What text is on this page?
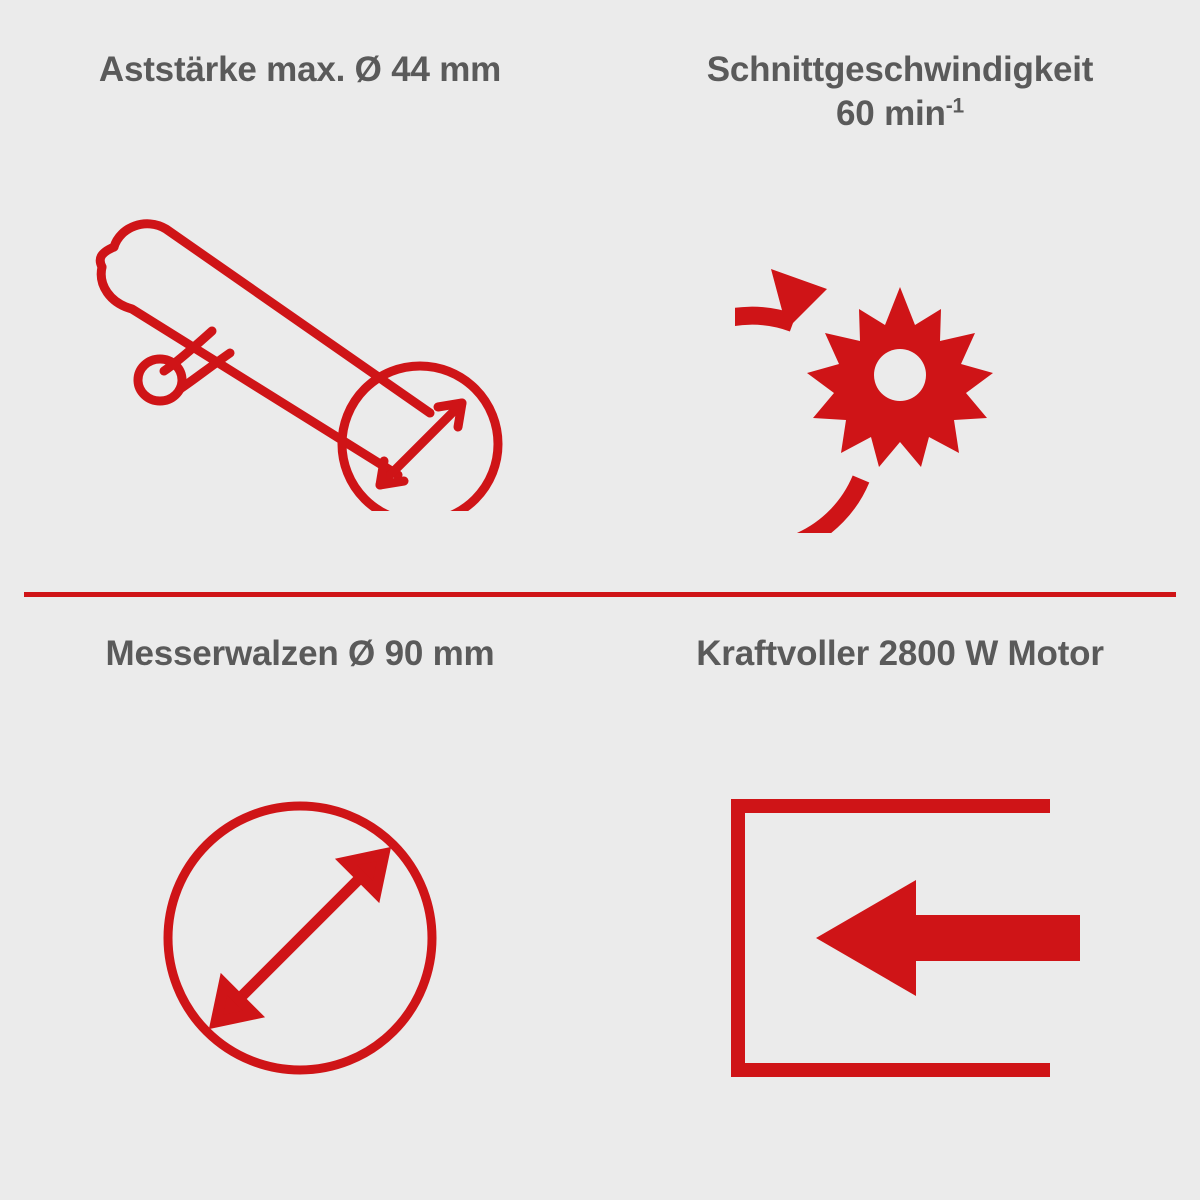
Aststärke max. Ø 44 mm	Schnittgeschwindigkeit
60 $\min^{-1}$
Messerwalzen Ø 90 mm	Kraftvoller 2800 W Motor
